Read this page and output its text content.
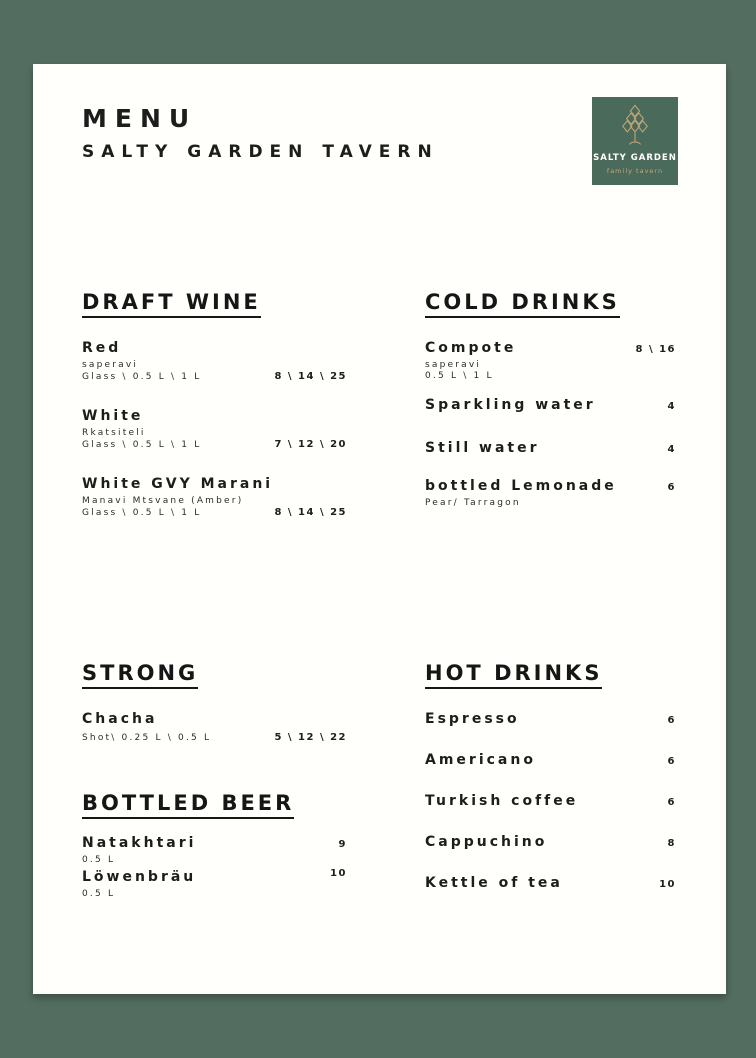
MENU
SALTY GARDEN TAVERN	SALTY GARDEN
family tavern
DRAFT WINE
Red
saperavi
Glass \ 0.5 L \ 1 L	8 \ 14 \ 25
White
Rkatsiteli
Glass \ 0.5 L \ 1 L	7 \ 12 \ 20
White GVY Marani
Manavi Mtsvane (Amber)
Glass \ 0.5 L \ 1 L	8 \ 14 \ 25
COLD DRINKS
Compote	8 \ 16
saperavi
0.5 L \ 1 L
Sparkling water	4
Still water	4
bottled Lemonade	6
Pear/ Tarragon
STRONG
Chacha
Shot\ 0.25 L \ 0.5 L	5 \ 12 \ 22
BOTTLED BEER
Natakhtari	9
0.5 L
Löwenbräu	10
0.5 L
HOT DRINKS
Espresso	6
Americano	6
Turkish coffee	6
Cappuchino	8
Kettle of tea	10
